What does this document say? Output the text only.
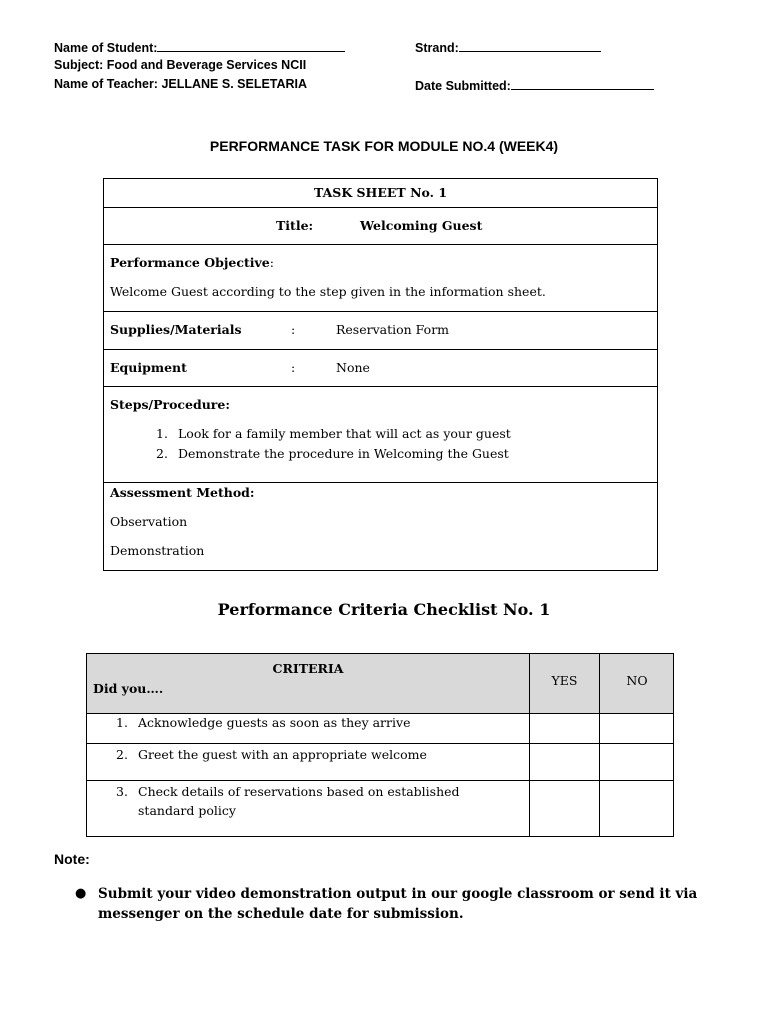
Name of Student:
Subject: Food and Beverage Services NCII
Name of Teacher: JELLANE S. SELETARIA
Strand:
Date Submitted:
PERFORMANCE TASK FOR MODULE NO.4 (WEEK4)
TASK SHEET No. 1
Title:	Welcoming Guest
Performance Objective:
Welcome Guest according to the step given in the information sheet.
Supplies/Materials	:	Reservation Form
Equipment	:	None
Steps/Procedure:
1. Look for a family member that will act as your guest
2. Demonstrate the procedure in Welcoming the Guest
Assessment Method:
Observation
Demonstration
Performance Criteria Checklist No. 1
CRITERIA
Did you….
YES	NO
1. Acknowledge guests as soon as they arrive
2. Greet the guest with an appropriate welcome
3. Check details of reservations based on established
standard policy
Note:
● Submit your video demonstration output in our google classroom or send it via messenger on the schedule date for submission.
